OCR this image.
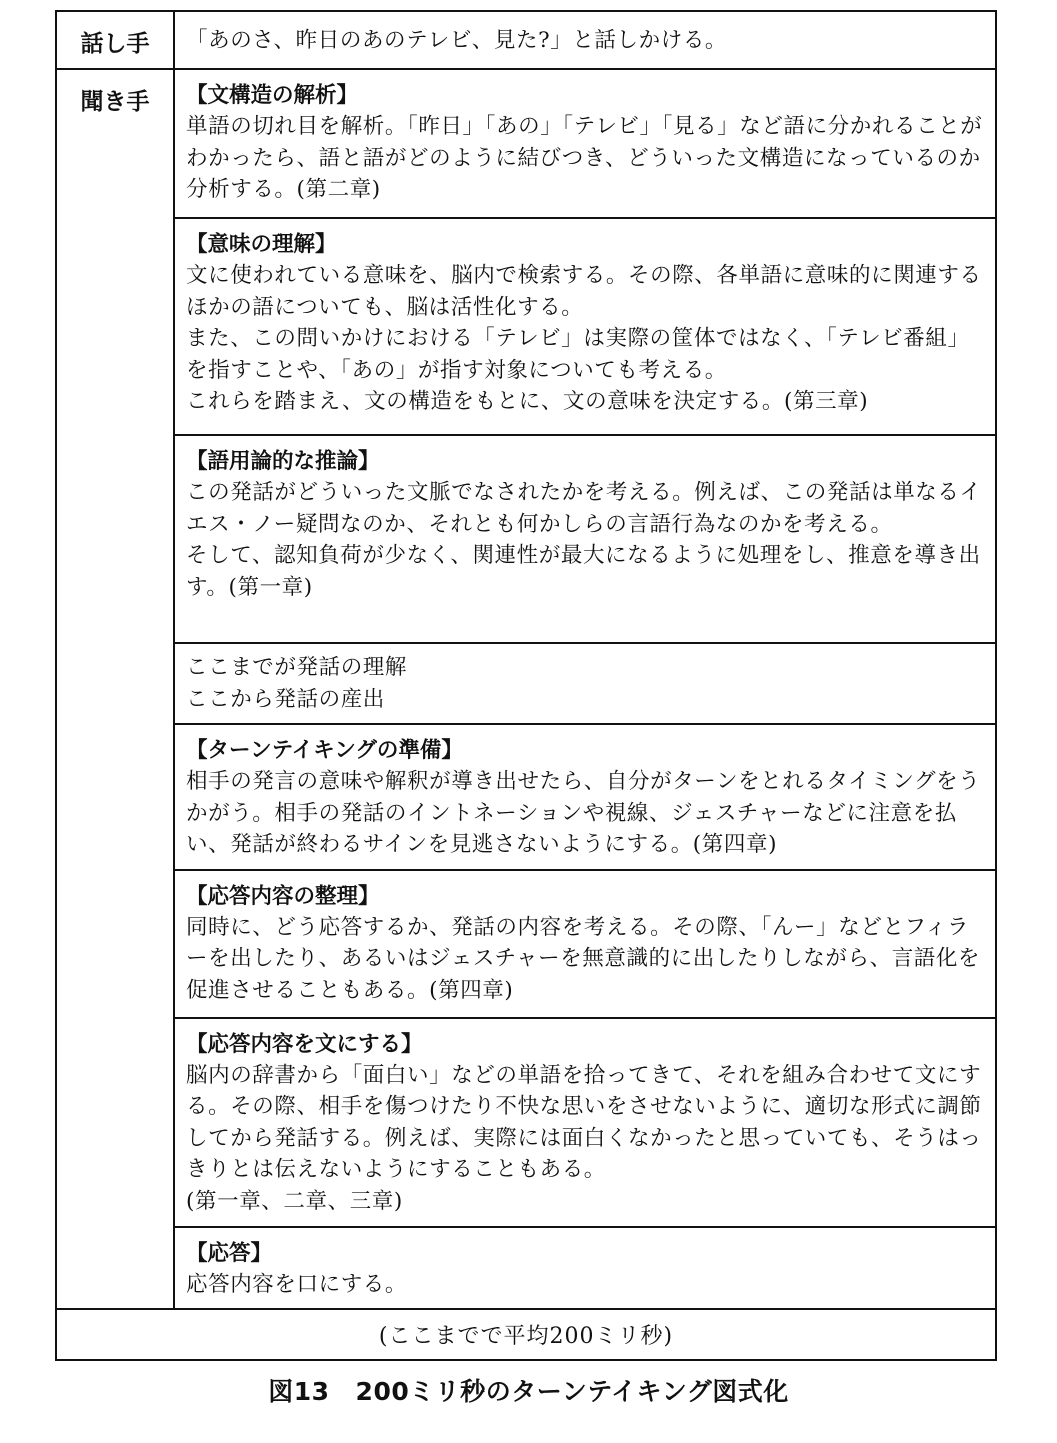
話し手	「あのさ、昨日のあのテレビ、見た?」と話しかける。
聞き手	【文構造の解析】
単語の切れ目を解析。「昨日」「あの」「テレビ」「見る」など語に分かれることがわかったら、語と語がどのように結びつき、どういった文構造になっているのか分析する。(第二章)

	【意味の理解】
文に使われている意味を、脳内で検索する。その際、各単語に意味的に関連するほかの語についても、脳は活性化する。
また、この問いかけにおける「テレビ」は実際の筐体ではなく、「テレビ番組」を指すことや、「あの」が指す対象についても考える。
これらを踏まえ、文の構造をもとに、文の意味を決定する。(第三章)

	【語用論的な推論】
この発話がどういった文脈でなされたかを考える。例えば、この発話は単なるイエス・ノー疑問なのか、それとも何かしらの言語行為なのかを考える。
そして、認知負荷が少なく、関連性が最大になるように処理をし、推意を導き出す。(第一章)

	ここまでが発話の理解
ここから発話の産出

	【ターンテイキングの準備】
相手の発言の意味や解釈が導き出せたら、自分がターンをとれるタイミングをうかがう。相手の発話のイントネーションや視線、ジェスチャーなどに注意を払い、発話が終わるサインを見逃さないようにする。(第四章)

	【応答内容の整理】
同時に、どう応答するか、発話の内容を考える。その際、「んー」などとフィラーを出したり、あるいはジェスチャーを無意識的に出したりしながら、言語化を促進させることもある。(第四章)

	【応答内容を文にする】
脳内の辞書から「面白い」などの単語を拾ってきて、それを組み合わせて文にする。その際、相手を傷つけたり不快な思いをさせないように、適切な形式に調節してから発話する。例えば、実際には面白くなかったと思っていても、そうはっきりとは伝えないようにすることもある。
(第一章、二章、三章)

	【応答】
応答内容を口にする。

(ここまでで平均200ミリ秒)	
図13 200ミリ秒のターンテイキング図式化
